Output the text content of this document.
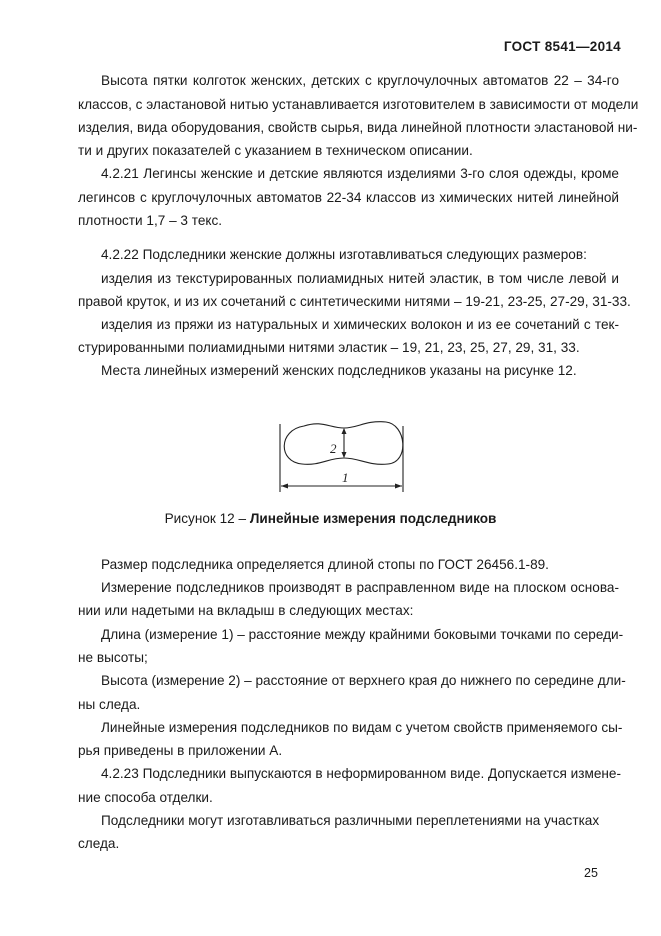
ГОСТ 8541—2014
Высота пятки колготок женских, детских с круглочулочных автоматов 22 – 34-го
классов, с эластановой нитью устанавливается изготовителем в зависимости от модели
изделия, вида оборудования, свойств сырья, вида линейной плотности эластановой ни-
ти и других показателей с указанием в техническом описании.
4.2.21 Легинсы женские и детские являются изделиями 3-го слоя одежды, кроме
легинсов с круглочулочных автоматов 22-34 классов из химических нитей линейной
плотности 1,7 – 3 текс.
4.2.22 Подследники женские должны изготавливаться следующих размеров:
изделия из текстурированных полиамидных нитей эластик, в том числе левой и
правой круток, и из их сочетаний с синтетическими нитями – 19-21, 23-25, 27-29, 31-33.
изделия из пряжи из натуральных и химических волокон и из ее сочетаний с тек-
стурированными полиамидными нитями эластик – 19, 21, 23, 25, 27, 29, 31, 33.
Места линейных измерений женских подследников указаны на рисунке 12.
2
1
Рисунок 12 – Линейные измерения подследников
Размер подследника определяется длиной стопы по ГОСТ 26456.1-89.
Измерение подследников производят в расправленном виде на плоском основа-
нии или надетыми на вкладыш в следующих местах:
Длина (измерение 1) – расстояние между крайними боковыми точками по середи-
не высоты;
Высота (измерение 2) – расстояние от верхнего края до нижнего по середине дли-
ны следа.
Линейные измерения подследников по видам с учетом свойств применяемого сы-
рья приведены в приложении А.
4.2.23 Подследники выпускаются в неформированном виде. Допускается измене-
ние способа отделки.
Подследники могут изготавливаться различными переплетениями на участках
следа.
25
